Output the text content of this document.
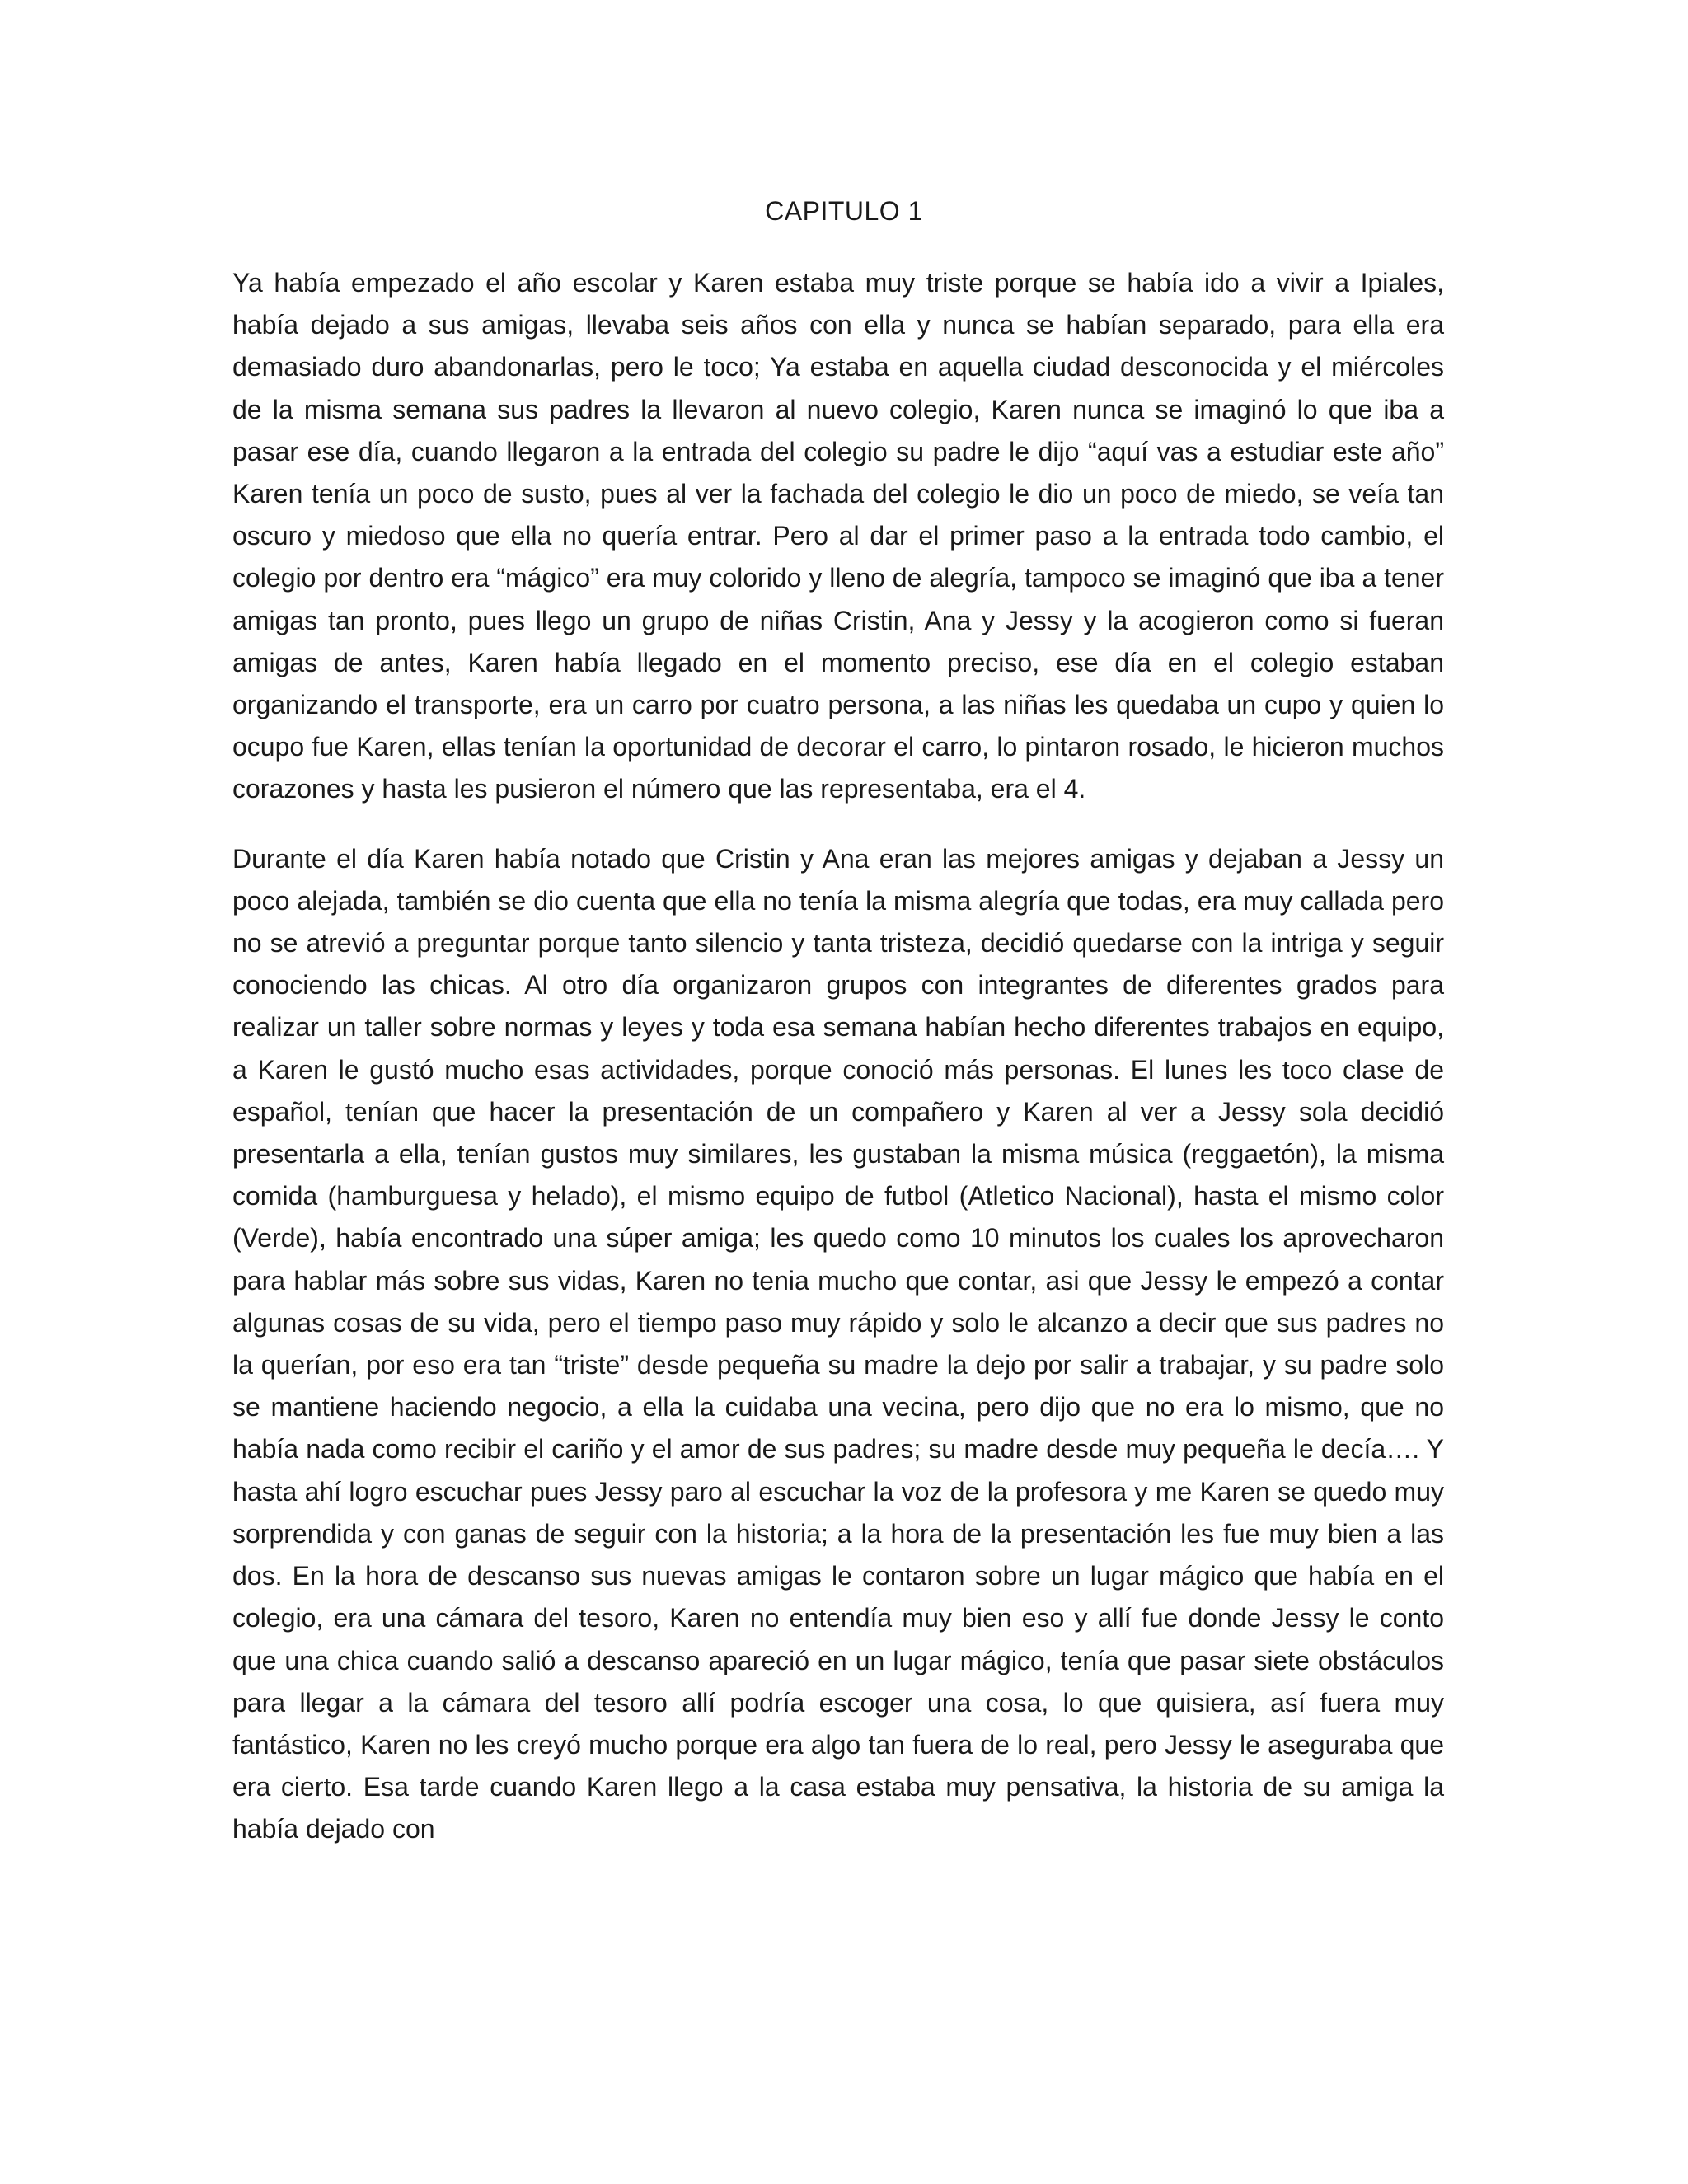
CAPITULO 1

Ya había empezado el año escolar y Karen estaba muy triste porque se había ido a vivir a Ipiales, había dejado a sus amigas, llevaba seis años con ella y nunca se habían separado, para ella era demasiado duro abandonarlas, pero le toco; Ya estaba en aquella ciudad desconocida y el miércoles de la misma semana sus padres la llevaron al nuevo colegio, Karen nunca se imaginó lo que iba a pasar ese día, cuando llegaron a la entrada del colegio su padre le dijo “aquí vas a estudiar este año” Karen tenía un poco de susto, pues al ver la fachada del colegio le dio un poco de miedo, se veía tan oscuro y miedoso que ella no quería entrar. Pero al dar el primer paso a la entrada todo cambio, el colegio por dentro era “mágico” era muy colorido y lleno de alegría, tampoco se imaginó que iba a tener amigas tan pronto, pues llego un grupo de niñas Cristin, Ana y Jessy y la acogieron como si fueran amigas de antes, Karen había llegado en el momento preciso, ese día en el colegio estaban organizando el transporte, era un carro por cuatro persona, a las niñas les quedaba un cupo y quien lo ocupo fue Karen, ellas tenían la oportunidad de decorar el carro, lo pintaron rosado, le hicieron muchos corazones y hasta les pusieron el número que las representaba, era el 4.

Durante el día Karen había notado que Cristin y Ana eran las mejores amigas y dejaban a Jessy un poco alejada, también se dio cuenta que ella no tenía la misma alegría que todas, era muy callada pero no se atrevió a preguntar porque tanto silencio y tanta tristeza, decidió quedarse con la intriga y seguir conociendo las chicas. Al otro día organizaron grupos con integrantes de diferentes grados para realizar un taller sobre normas y leyes y toda esa semana habían hecho diferentes trabajos en equipo, a Karen le gustó mucho esas actividades, porque conoció más personas. El lunes les toco clase de español, tenían que hacer la presentación de un compañero y Karen al ver a Jessy sola decidió presentarla a ella, tenían gustos muy similares, les gustaban la misma música (reggaetón), la misma comida (hamburguesa y helado), el mismo equipo de futbol (Atletico Nacional), hasta el mismo color (Verde), había encontrado una súper amiga; les quedo como 10 minutos los cuales los aprovecharon para hablar más sobre sus vidas, Karen no tenia mucho que contar, asi que Jessy le empezó a contar algunas cosas de su vida, pero el tiempo paso muy rápido y solo le alcanzo a decir que sus padres no la querían, por eso era tan “triste” desde pequeña su madre la dejo por salir a trabajar, y su padre solo se mantiene haciendo negocio, a ella la cuidaba una vecina, pero dijo que no era lo mismo, que no había nada como recibir el cariño y el amor de sus padres; su madre desde muy pequeña le decía…. Y hasta ahí logro escuchar pues Jessy paro al escuchar la voz de la profesora y me Karen se quedo muy sorprendida y con ganas de seguir con la historia; a la hora de la presentación les fue muy bien a las dos. En la hora de descanso sus nuevas amigas le contaron sobre un lugar mágico que había en el colegio, era una cámara del tesoro, Karen no entendía muy bien eso y allí fue donde Jessy le conto que una chica cuando salió a descanso apareció en un lugar mágico, tenía que pasar siete obstáculos para llegar a la cámara del tesoro allí podría escoger una cosa, lo que quisiera, así fuera muy fantástico, Karen no les creyó mucho porque era algo tan fuera de lo real, pero Jessy le aseguraba que era cierto. Esa tarde cuando Karen llego a la casa estaba muy pensativa, la historia de su amiga la había dejado con
